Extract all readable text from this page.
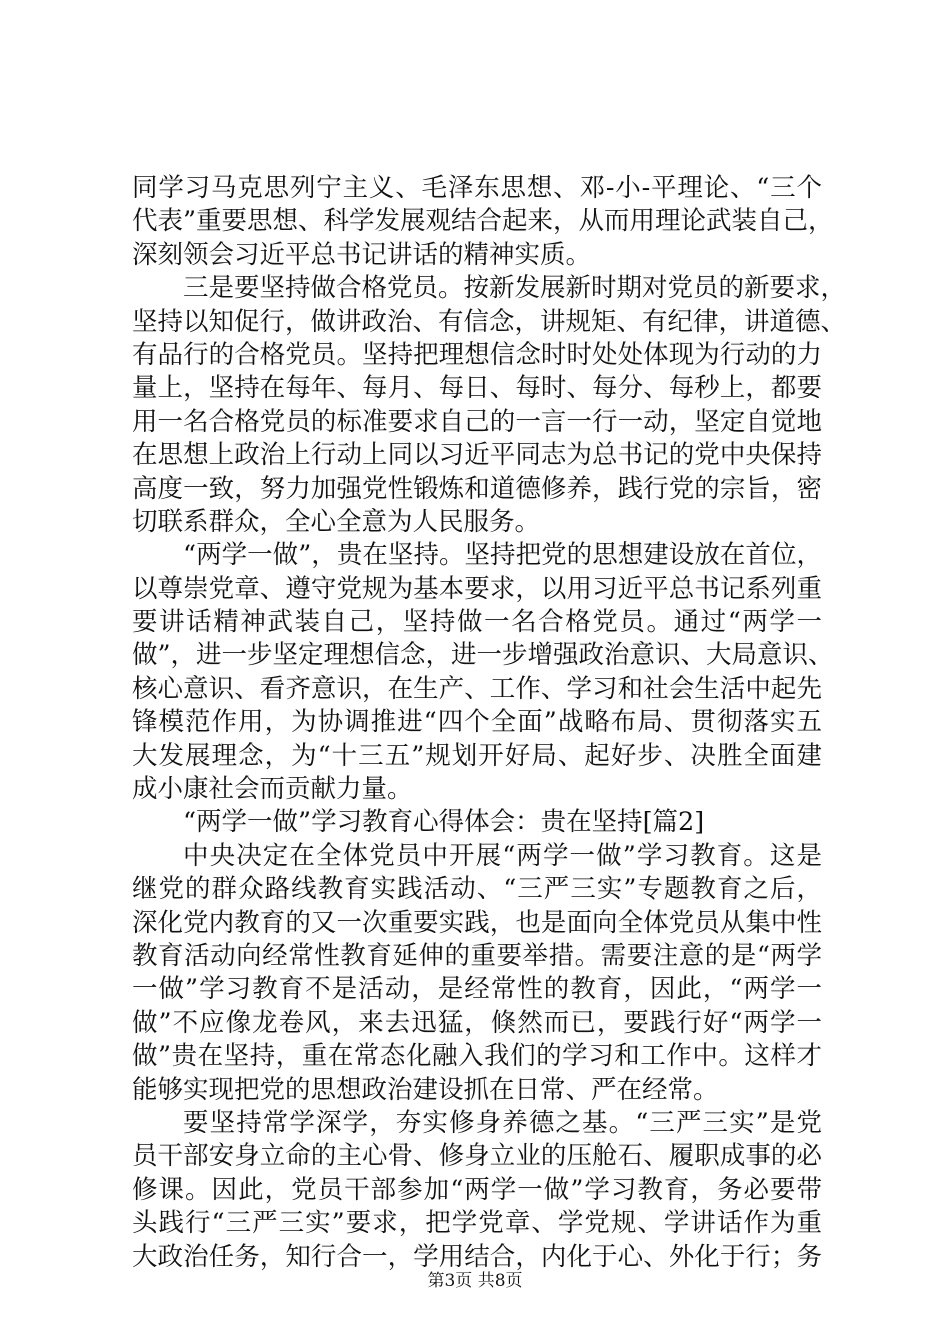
同学习马克思列宁主义、毛泽东思想、邓-小-平理论、“三个
代表”重要思想、科学发展观结合起来，从而用理论武装自己，
深刻领会习近平总书记讲话的精神实质。
三是要坚持做合格党员。按新发展新时期对党员的新要求，
坚持以知促行，做讲政治、有信念，讲规矩、有纪律，讲道德、
有品行的合格党员。坚持把理想信念时时处处体现为行动的力
量上，坚持在每年、每月、每日、每时、每分、每秒上，都要
用一名合格党员的标准要求自己的一言一行一动，坚定自觉地
在思想上政治上行动上同以习近平同志为总书记的党中央保持
高度一致，努力加强党性锻炼和道德修养，践行党的宗旨，密
切联系群众，全心全意为人民服务。
“两学一做”，贵在坚持。坚持把党的思想建设放在首位，
以尊崇党章、遵守党规为基本要求，以用习近平总书记系列重
要讲话精神武装自己，坚持做一名合格党员。通过“两学一
做”，进一步坚定理想信念，进一步增强政治意识、大局意识、
核心意识、看齐意识，在生产、工作、学习和社会生活中起先
锋模范作用，为协调推进“四个全面”战略布局、贯彻落实五
大发展理念，为“十三五”规划开好局、起好步、决胜全面建
成小康社会而贡献力量。
“两学一做”学习教育心得体会：贵在坚持[篇2]
中央决定在全体党员中开展“两学一做”学习教育。这是
继党的群众路线教育实践活动、“三严三实”专题教育之后，
深化党内教育的又一次重要实践，也是面向全体党员从集中性
教育活动向经常性教育延伸的重要举措。需要注意的是“两学
一做”学习教育不是活动，是经常性的教育，因此，“两学一
做”不应像龙卷风，来去迅猛，倏然而已，要践行好“两学一
做”贵在坚持，重在常态化融入我们的学习和工作中。这样才
能够实现把党的思想政治建设抓在日常、严在经常。
要坚持常学深学，夯实修身养德之基。“三严三实”是党
员干部安身立命的主心骨、修身立业的压舱石、履职成事的必
修课。因此，党员干部参加“两学一做”学习教育，务必要带
头践行“三严三实”要求，把学党章、学党规、学讲话作为重
大政治任务，知行合一，学用结合，内化于心、外化于行；务
第3页 共8页
